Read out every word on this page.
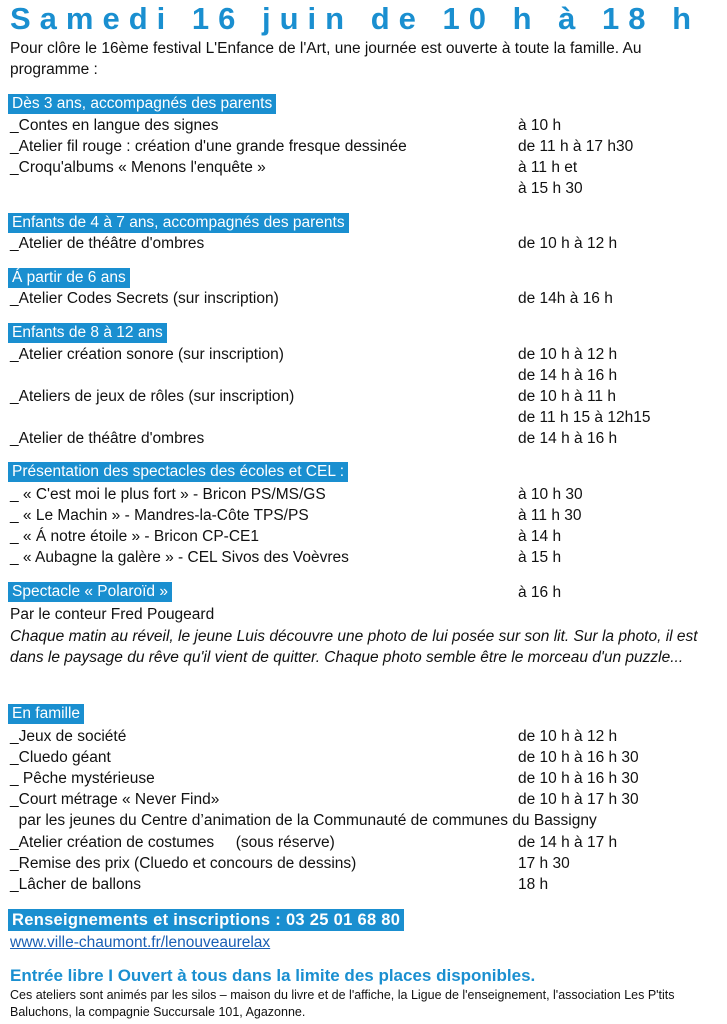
Samedi 16 juin de 10 h à 18 h
Pour clôre le 16ème festival L'Enfance de l'Art, une journée est ouverte à toute la famille. Au programme :
Dès 3 ans, accompagnés des parents
_Contes en langue des signes	à 10 h
_Atelier fil rouge : création d'une grande fresque dessinée	de 11 h à 17 h30
_Croqu'albums « Menons l'enquête »	à 11 h et
à 15 h 30
Enfants de 4 à 7 ans, accompagnés des parents
_Atelier de théâtre d'ombres	de 10 h à 12 h
Á partir de 6 ans
_Atelier Codes Secrets (sur inscription)	de 14h à 16 h
Enfants de 8 à 12 ans
_Atelier création sonore (sur inscription)	de 10 h à 12 h
de 14 h à 16 h
_Ateliers de jeux de rôles (sur inscription)	de 10 h à 11 h
de 11 h 15 à 12h15
_Atelier de théâtre d'ombres	de 14 h à 16 h
Présentation des spectacles des écoles et CEL :
_ « C'est moi le plus fort » - Bricon PS/MS/GS	à 10 h 30
_ « Le Machin » - Mandres-la-Côte TPS/PS	à 11 h 30
_ « Á notre étoile » - Bricon CP-CE1	à 14 h
_ « Aubagne la galère » - CEL Sivos des Voèvres	à 15 h
Spectacle « Polaroïd »	à 16 h
Par le conteur Fred Pougeard
Chaque matin au réveil, le jeune Luis découvre une photo de lui posée sur son lit. Sur la photo, il est dans le paysage du rêve qu'il vient de quitter. Chaque photo semble être le morceau d'un puzzle...
En famille
_Jeux de société	de 10 h à 12 h
_Cluedo géant	de 10 h à 16 h 30
_ Pêche mystérieuse	de 10 h à 16 h 30
_Court métrage « Never Find»	de 10 h à 17 h 30
par les jeunes du Centre d’animation de la Communauté de communes du Bassigny
_Atelier création de costumes     (sous réserve)	de 14 h à 17 h
_Remise des prix (Cluedo et concours de dessins)	17 h 30
_Lâcher de ballons	18 h
Renseignements et inscriptions : 03 25 01 68 80
www.ville-chaumont.fr/lenouveaurelax
Entrée libre I Ouvert à tous dans la limite des places disponibles.
Ces ateliers sont animés par les silos – maison du livre et de l'affiche, la Ligue de l'enseignement, l'association Les P'tits Baluchons, la compagnie Succursale 101, Agazonne.
